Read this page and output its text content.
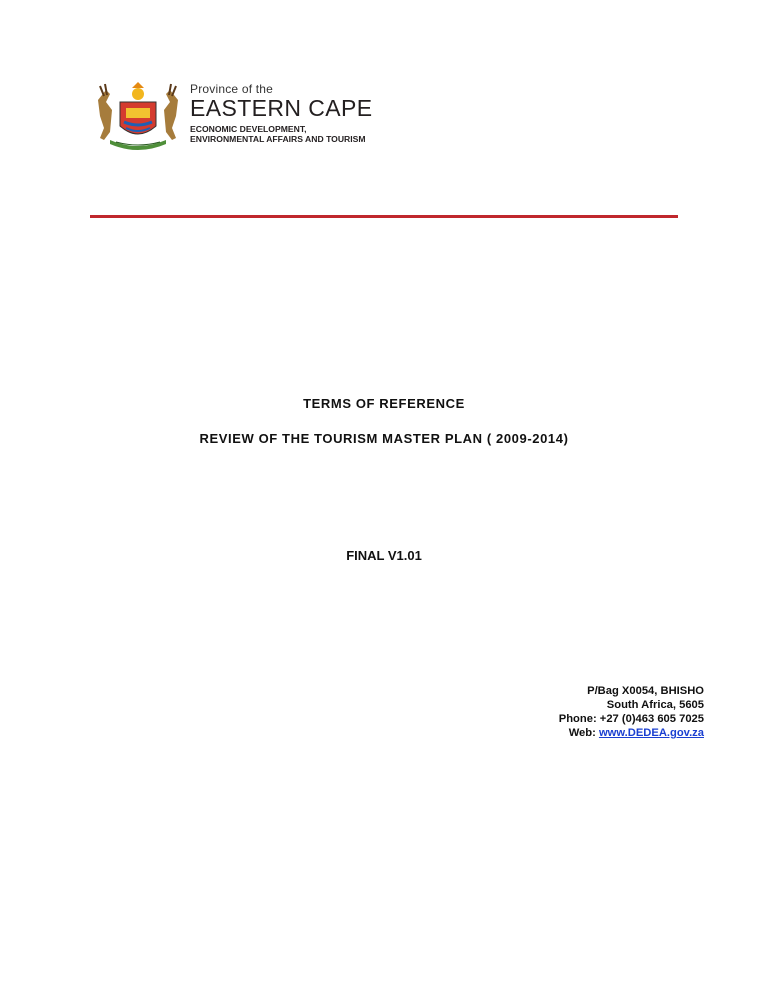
Province of the
EASTERN CAPE
ECONOMIC DEVELOPMENT,
ENVIRONMENTAL AFFAIRS AND TOURISM
TERMS OF REFERENCE
REVIEW OF THE TOURISM MASTER PLAN ( 2009-2014)
FINAL V1.01
P/Bag X0054, BHISHO
South Africa, 5605
Phone: +27 (0)463 605 7025
Web: www.DEDEA.gov.za
